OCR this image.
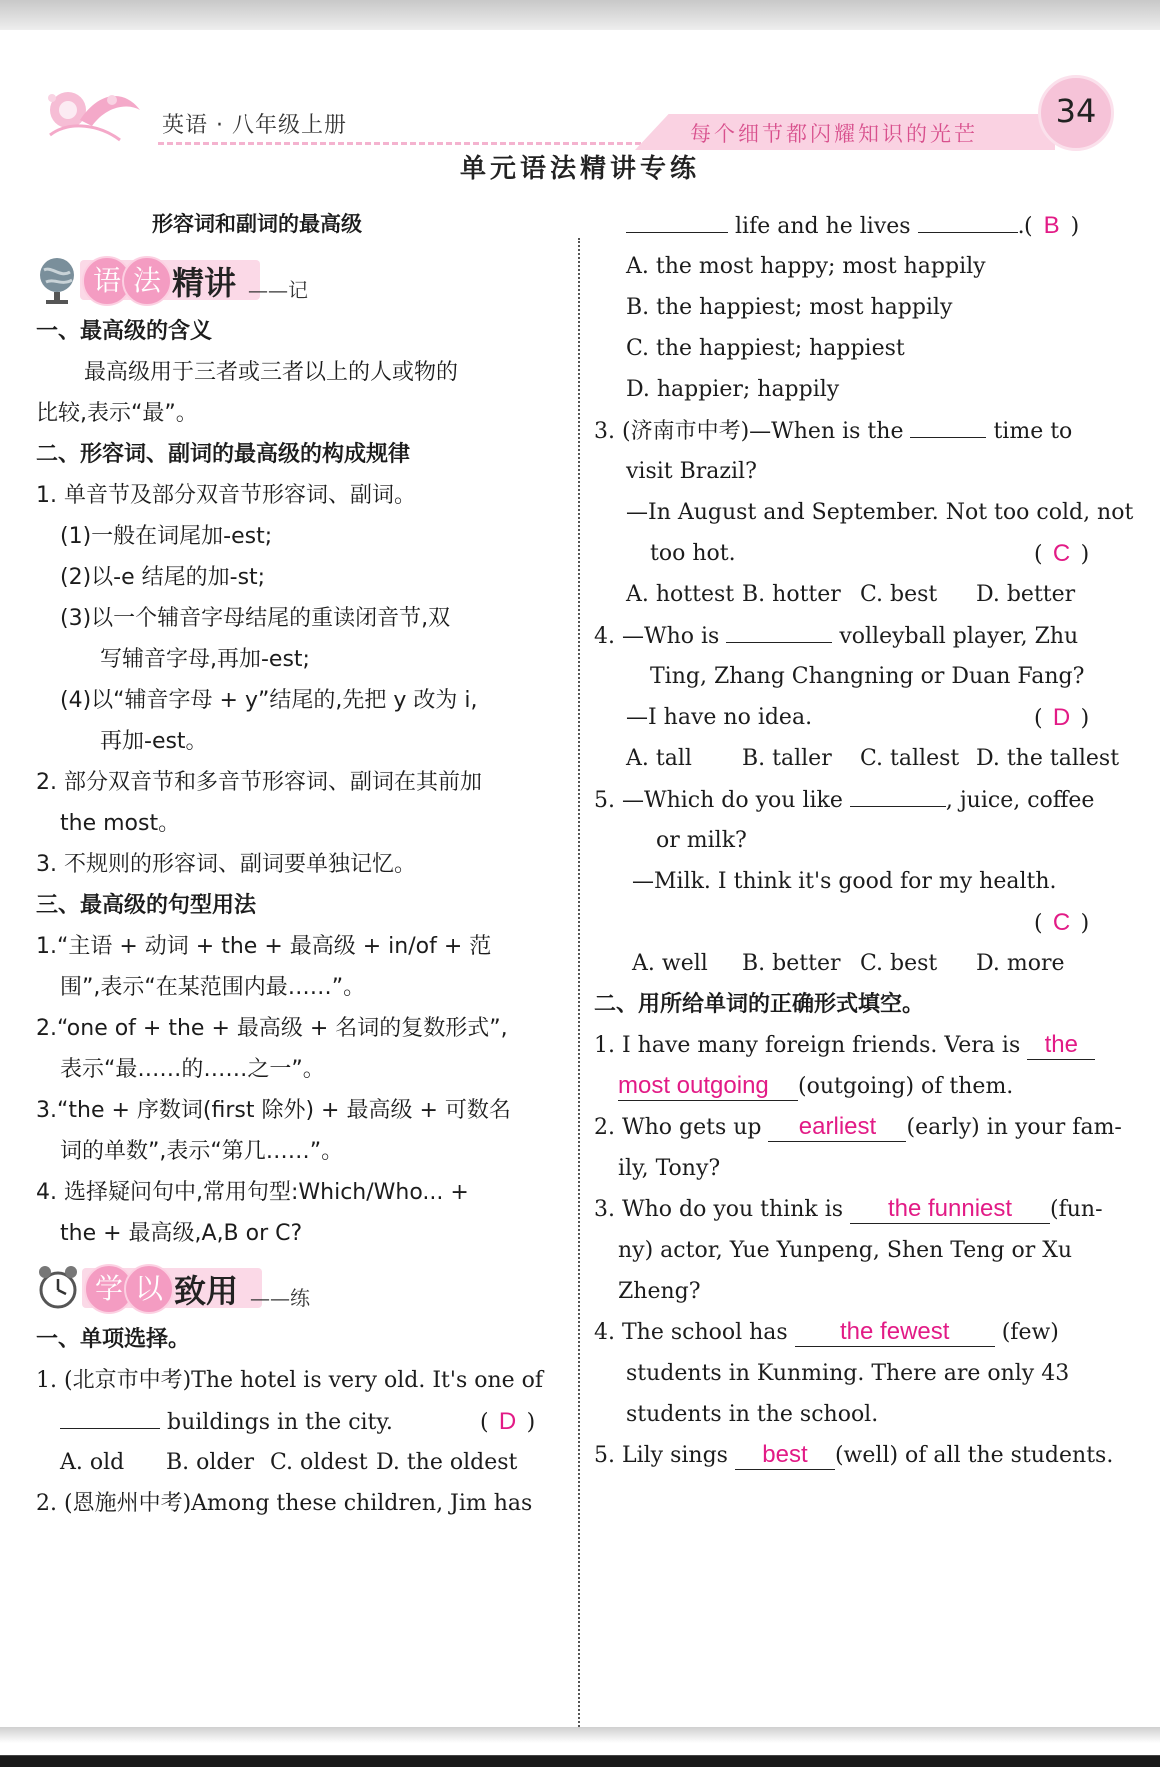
英语 · 八年级上册	每个细节都闪耀知识的光芒
34
单元语法精讲专练
形容词和副词的最高级
语 法 精讲 ——记
一、最高级的含义
最高级用于三者或三者以上的人或物的
比较,表示“最”。
二、形容词、副词的最高级的构成规律
1. 单音节及部分双音节形容词、副词。
(1)一般在词尾加-est;
(2)以-e 结尾的加-st;
(3)以一个辅音字母结尾的重读闭音节,双
写辅音字母,再加-est;
(4)以“辅音字母 + y”结尾的,先把 y 改为 i,
再加-est。
2. 部分双音节和多音节形容词、副词在其前加
the most。
3. 不规则的形容词、副词要单独记忆。
三、最高级的句型用法
1.“主语 + 动词 + the + 最高级 + in/of + 范
围”,表示“在某范围内最……”。
2.“one of + the + 最高级 + 名词的复数形式”,
表示“最……的……之一”。
3.“the + 序数词(first 除外) + 最高级 + 可数名
词的单数”,表示“第几……”。
4. 选择疑问句中,常用句型:Which/Who... +
the + 最高级,A,B or C?
学 以 致用 ——练
一、单项选择。
1. (北京市中考)The hotel is very old. It's one of
buildings in the city.	( D )
A. old B. older C. oldest D. the oldest
2. (恩施州中考)Among these children, Jim has
life and he lives	. ( B )
A. the most happy; most happily
B. the happiest; most happily
C. the happiest; happiest
D. happier; happily
3. (济南市中考)—When is the	time to
visit Brazil?
—In August and September. Not too cold, not
too hot.	( C )
A. hottest B. hotter C. best D. better
4. —Who is	volleyball player, Zhu
Ting, Zhang Changning or Duan Fang?
—I have no idea.	( D )
A. tall B. taller C. tallest D. the tallest
5. —Which do you like	, juice, coffee
or milk?
—Milk. I think it's good for my health.
( C )
A. well B. better C. best D. more
二、用所给单词的正确形式填空。
1. I have many foreign friends. Vera is the
most outgoing (outgoing) of them.
2. Who gets up earliest (early) in your fam-
ily, Tony?
3. Who do you think is the funniest (fun-
ny) actor, Yue Yunpeng, Shen Teng or Xu
Zheng?
4. The school has the fewest (few)
students in Kunming. There are only 43
students in the school.
5. Lily sings best (well) of all the students.
